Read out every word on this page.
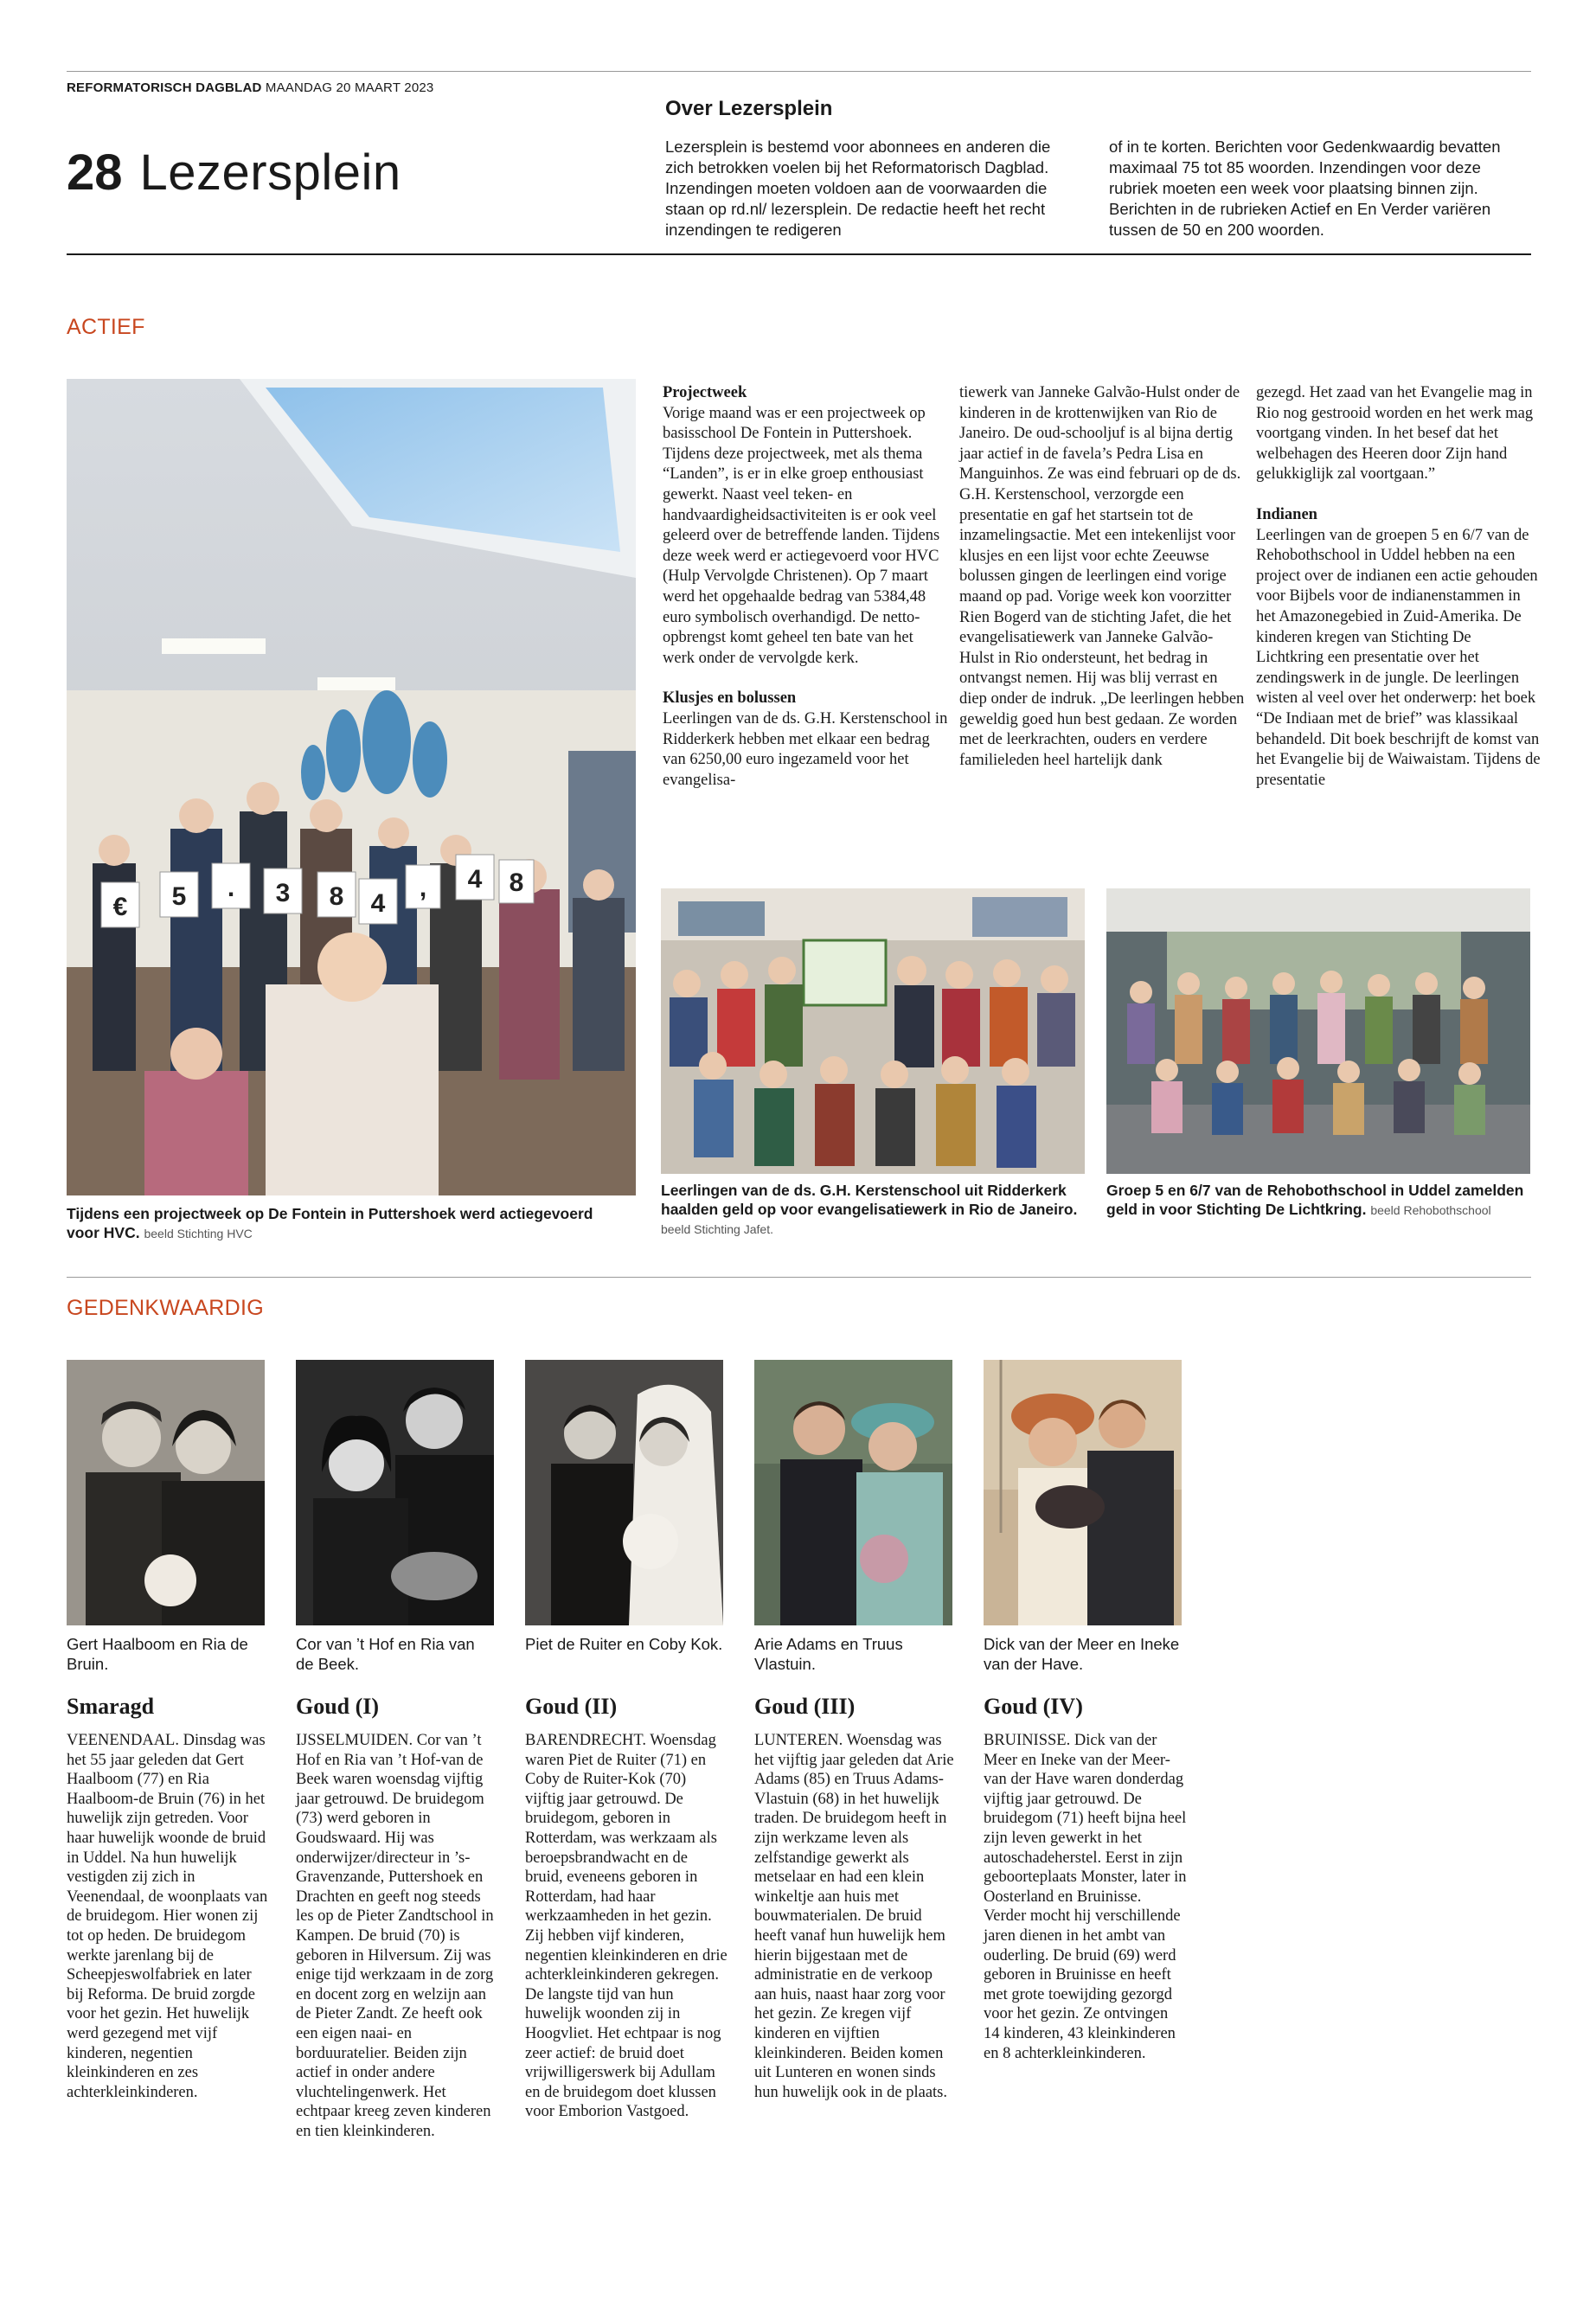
REFORMATORISCH DAGBLAD MAANDAG 20 MAART 2023
28 Lezersplein
Over Lezersplein
Lezersplein is bestemd voor abonnees en anderen die zich betrokken voelen bij het Reformatorisch Dagblad. Inzendingen moeten voldoen aan de voorwaarden die staan op rd.nl/ lezersplein. De redactie heeft het recht inzendingen te redigeren
of in te korten. Berichten voor Gedenkwaardig bevatten maximaal 75 tot 85 woorden. Inzendingen voor deze rubriek moeten een week voor plaatsing binnen zijn. Berichten in de rubrieken Actief en En Verder variëren tussen de 50 en 200 woorden.
ACTIEF
€ 5 . 3 8 4
, 4 8
Tijdens een projectweek op De Fontein in Puttershoek werd actiegevoerd voor HVC. beeld Stichting HVC
Projectweek

Vorige maand was er een projectweek op basisschool De Fontein in Puttershoek. Tijdens deze projectweek, met als thema “Landen”, is er in elke groep enthousiast gewerkt. Naast veel teken- en handvaardigheidsactiviteiten is er ook veel geleerd over de betreffende landen. Tijdens deze week werd er actiegevoerd voor HVC (Hulp Vervolgde Christenen). Op 7 maart werd het opgehaalde bedrag van 5384,48 euro symbolisch overhandigd. De netto-opbrengst komt geheel ten bate van het werk onder de vervolgde kerk.

Klusjes en bolussen

Leerlingen van de ds. G.H. Kerstenschool in Ridderkerk hebben met elkaar een bedrag van 6250,00 euro ingezameld voor het evangelisa-

tiewerk van Janneke Galvão-Hulst onder de kinderen in de krottenwijken van Rio de Janeiro. De oud-schooljuf is al bijna dertig jaar actief in de favela’s Pedra Lisa en Manguinhos. Ze was eind februari op de ds. G.H. Kerstenschool, verzorgde een presentatie en gaf het startsein tot de inzamelingsactie. Met een intekenlijst voor klusjes en een lijst voor echte Zeeuwse bolussen gingen de leerlingen eind vorige maand op pad. Vorige week kon voorzitter Rien Bogerd van de stichting Jafet, die het evangelisatiewerk van Janneke Galvão-Hulst in Rio ondersteunt, het bedrag in ontvangst nemen. Hij was blij verrast en diep onder de indruk. „De leerlingen hebben geweldig goed hun best gedaan. Ze worden met de leerkrachten, ouders en verdere familieleden heel hartelijk dank

gezegd. Het zaad van het Evangelie mag in Rio nog gestrooid worden en het werk mag voortgang vinden. In het besef dat het welbehagen des Heeren door Zijn hand gelukkiglijk zal voortgaan.”

Indianen

Leerlingen van de groepen 5 en 6/7 van de Rehobothschool in Uddel hebben na een project over de indianen een actie gehouden voor Bijbels voor de indianenstammen in het Amazonegebied in Zuid-Amerika. De kinderen kregen van Stichting De Lichtkring een presentatie over het zendingswerk in de jungle. De leerlingen wisten al veel over het onderwerp: het boek “De Indiaan met de brief” was klassikaal behandeld. Dit boek beschrijft de komst van het Evangelie bij de Waiwaistam. Tijdens de presentatie

Leerlingen van de ds. G.H. Kerstenschool uit Ridderkerk haalden geld op voor evangelisatiewerk in Rio de Janeiro. beeld Stichting Jafet.
Groep 5 en 6/7 van de Rehobothschool in Uddel zamelden geld in voor Stichting De Lichtkring. beeld Rehobothschool
GEDENKWAARDIG
Gert Haalboom en Ria de Bruin.
Smaragd
VEENENDAAL. Dinsdag was het 55 jaar geleden dat Gert Haalboom (77) en Ria Haalboom-de Bruin (76) in het huwelijk zijn getreden. Voor haar huwelijk woonde de bruid in Uddel. Na hun huwelijk vestigden zij zich in Veenendaal, de woonplaats van de bruidegom. Hier wonen zij tot op heden. De bruidegom werkte jarenlang bij de Scheepjeswolfabriek en later bij Reforma. De bruid zorgde voor het gezin. Het huwelijk werd gezegend met vijf kinderen, negentien kleinkinderen en zes achterkleinkinderen.
Cor van ’t Hof en Ria van de Beek.
Goud (I)
IJSSELMUIDEN. Cor van ’t Hof en Ria van ’t Hof-van de Beek waren woensdag vijftig jaar getrouwd. De bruidegom (73) werd geboren in Goudswaard. Hij was onderwijzer/directeur in ’s-Gravenzande, Puttershoek en Drachten en geeft nog steeds les op de Pieter Zandtschool in Kampen. De bruid (70) is geboren in Hilversum. Zij was enige tijd werkzaam in de zorg en docent zorg en welzijn aan de Pieter Zandt. Ze heeft ook een eigen naai- en borduuratelier. Beiden zijn actief in onder andere vluchtelingenwerk. Het echtpaar kreeg zeven kinderen en tien kleinkinderen.
Piet de Ruiter en Coby Kok.
Goud (II)
BARENDRECHT. Woensdag waren Piet de Ruiter (71) en Coby de Ruiter-Kok (70) vijftig jaar getrouwd. De bruidegom, geboren in Rotterdam, was werkzaam als beroepsbrandwacht en de bruid, eveneens geboren in Rotterdam, had haar werkzaamheden in het gezin. Zij hebben vijf kinderen, negentien kleinkinderen en drie achterkleinkinderen gekregen. De langste tijd van hun huwelijk woonden zij in Hoogvliet. Het echtpaar is nog zeer actief: de bruid doet vrijwilligerswerk bij Adullam en de bruidegom doet klussen voor Emborion Vastgoed.
Arie Adams en Truus Vlastuin.
Goud (III)
LUNTEREN. Woensdag was het vijftig jaar geleden dat Arie Adams (85) en Truus Adams-Vlastuin (68) in het huwelijk traden. De bruidegom heeft in zijn werkzame leven als zelfstandige gewerkt als metselaar en had een klein winkeltje aan huis met bouwmaterialen. De bruid heeft vanaf hun huwelijk hem hierin bijgestaan met de administratie en de verkoop aan huis, naast haar zorg voor het gezin. Ze kregen vijf kinderen en vijftien kleinkinderen. Beiden komen uit Lunteren en wonen sinds hun huwelijk ook in de plaats.
Dick van der Meer en Ineke van der Have.
Goud (IV)
BRUINISSE. Dick van der Meer en Ineke van der Meer-van der Have waren donderdag vijftig jaar getrouwd. De bruidegom (71) heeft bijna heel zijn leven gewerkt in het autoschadeherstel. Eerst in zijn geboorteplaats Monster, later in Oosterland en Bruinisse. Verder mocht hij verschillende jaren dienen in het ambt van ouderling. De bruid (69) werd geboren in Bruinisse en heeft met grote toewijding gezorgd voor het gezin. Ze ontvingen 14 kinderen, 43 kleinkinderen en 8 achterkleinkinderen.
